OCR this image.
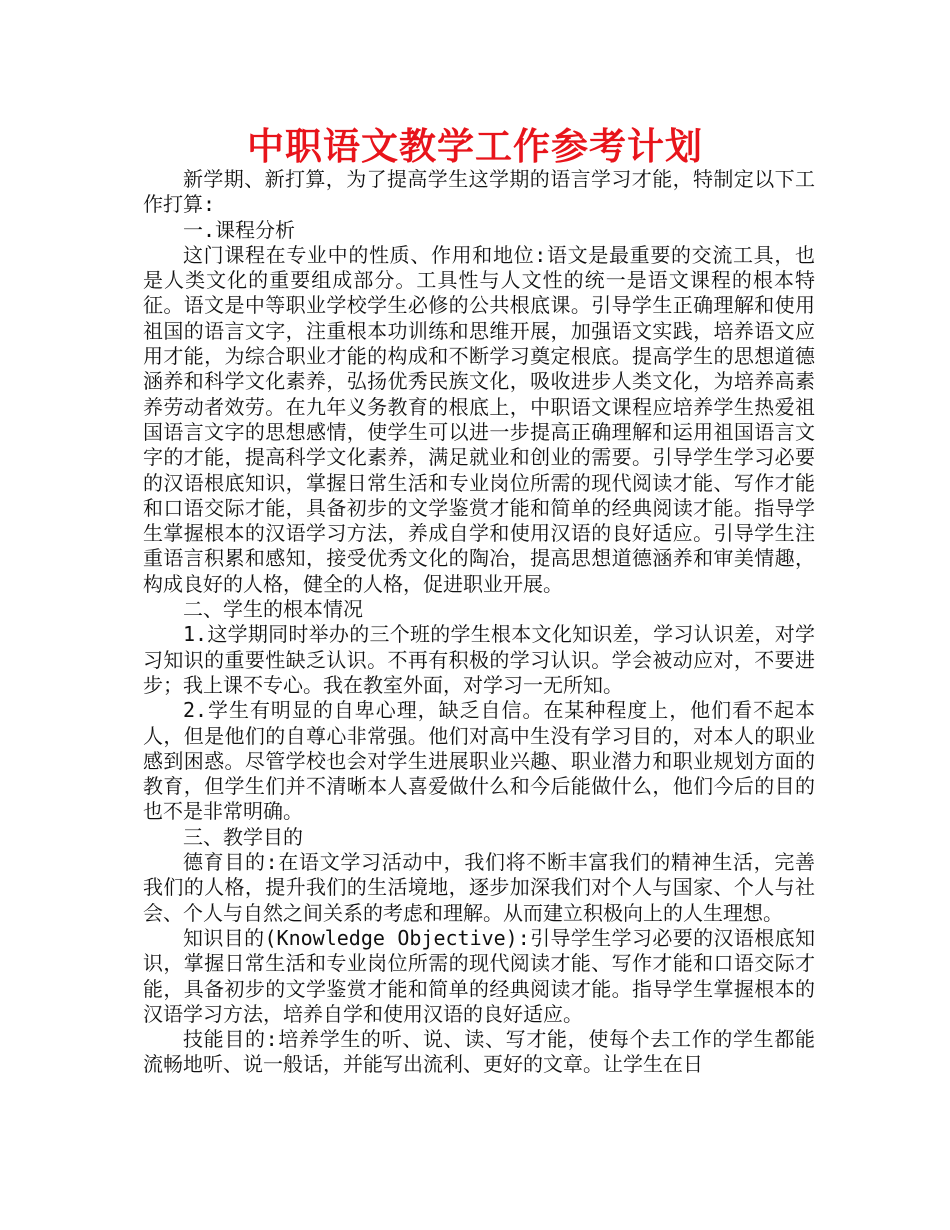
中职语文教学工作参考计划

新学期、新打算，为了提高学生这学期的语言学习才能，特制定以下工作打算:

一.课程分析

这门课程在专业中的性质、作用和地位:语文是最重要的交流工具，也是人类文化的重要组成部分。工具性与人文性的统一是语文课程的根本特征。语文是中等职业学校学生必修的公共根底课。引导学生正确理解和使用祖国的语言文字，注重根本功训练和思维开展，加强语文实践，培养语文应用才能，为综合职业才能的构成和不断学习奠定根底。提高学生的思想道德涵养和科学文化素养，弘扬优秀民族文化，吸收进步人类文化，为培养高素养劳动者效劳。在九年义务教育的根底上，中职语文课程应培养学生热爱祖国语言文字的思想感情，使学生可以进一步提高正确理解和运用祖国语言文字的才能，提高科学文化素养，满足就业和创业的需要。引导学生学习必要的汉语根底知识，掌握日常生活和专业岗位所需的现代阅读才能、写作才能和口语交际才能，具备初步的文学鉴赏才能和简单的经典阅读才能。指导学生掌握根本的汉语学习方法，养成自学和使用汉语的良好适应。引导学生注重语言积累和感知，接受优秀文化的陶冶，提高思想道德涵养和审美情趣，构成良好的人格，健全的人格，促进职业开展。

二、学生的根本情况

1.这学期同时举办的三个班的学生根本文化知识差，学习认识差，对学习知识的重要性缺乏认识。不再有积极的学习认识。学会被动应对，不要进步；我上课不专心。我在教室外面，对学习一无所知。

2.学生有明显的自卑心理，缺乏自信。在某种程度上，他们看不起本人，但是他们的自尊心非常强。他们对高中生没有学习目的，对本人的职业感到困惑。尽管学校也会对学生进展职业兴趣、职业潜力和职业规划方面的教育，但学生们并不清晰本人喜爱做什么和今后能做什么，他们今后的目的也不是非常明确。

三、教学目的

德育目的:在语文学习活动中，我们将不断丰富我们的精神生活，完善我们的人格，提升我们的生活境地，逐步加深我们对个人与国家、个人与社会、个人与自然之间关系的考虑和理解。从而建立积极向上的人生理想。

知识目的(Knowledge Objective):引导学生学习必要的汉语根底知识，掌握日常生活和专业岗位所需的现代阅读才能、写作才能和口语交际才能，具备初步的文学鉴赏才能和简单的经典阅读才能。指导学生掌握根本的汉语学习方法，培养自学和使用汉语的良好适应。

技能目的:培养学生的听、说、读、写才能，使每个去工作的学生都能流畅地听、说一般话，并能写出流利、更好的文章。让学生在日
